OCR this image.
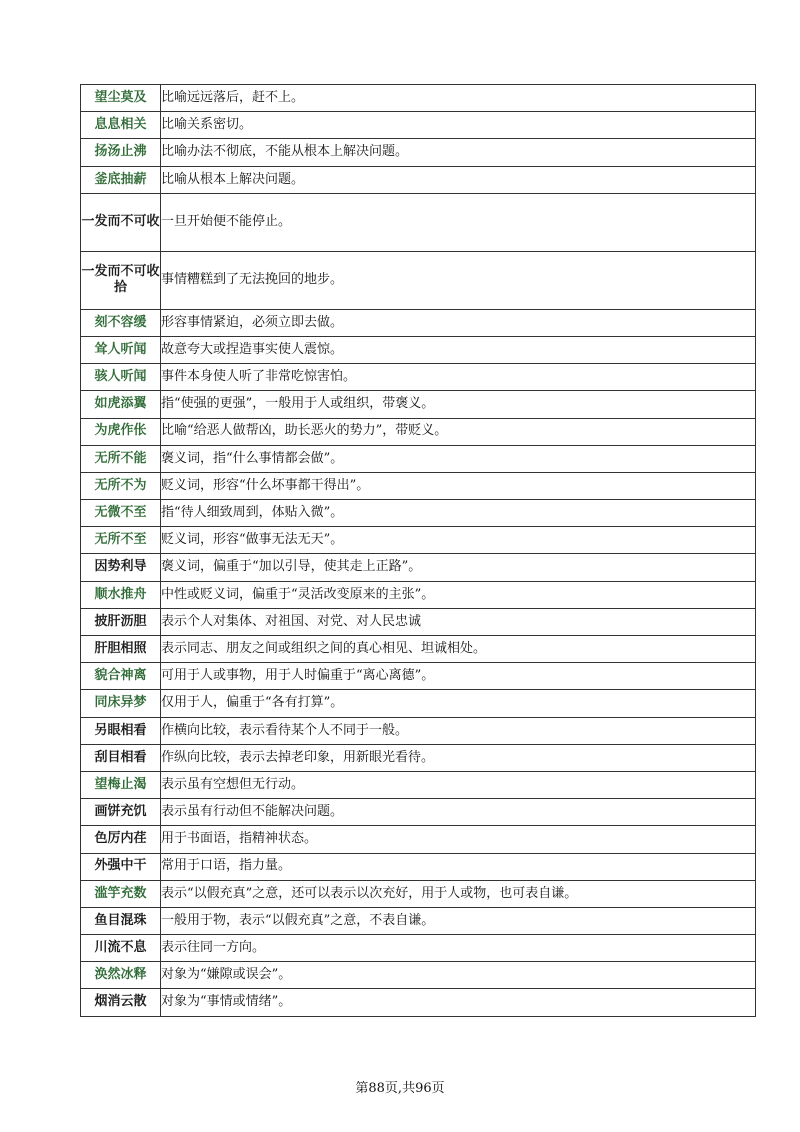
望尘莫及	比喻远远落后，赶不上。
息息相关	比喻关系密切。
扬汤止沸	比喻办法不彻底，不能从根本上解决问题。
釜底抽薪	比喻从根本上解决问题。
一发而不可收	一旦开始便不能停止。
一发而不可收拾	事情糟糕到了无法挽回的地步。
刻不容缓	形容事情紧迫，必须立即去做。
耸人听闻	故意夸大或捏造事实使人震惊。
骇人听闻	事件本身使人听了非常吃惊害怕。
如虎添翼	指“使强的更强”，一般用于人或组织，带褒义。
为虎作伥	比喻“给恶人做帮凶，助长恶火的势力”，带贬义。
无所不能	褒义词，指“什么事情都会做”。
无所不为	贬义词，形容“什么坏事都干得出”。
无微不至	指“待人细致周到，体贴入微”。
无所不至	贬义词，形容“做事无法无天”。
因势利导	褒义词，偏重于“加以引导，使其走上正路”。
顺水推舟	中性或贬义词，偏重于“灵活改变原来的主张”。
披肝沥胆	表示个人对集体、对祖国、对党、对人民忠诚
肝胆相照	表示同志、朋友之间或组织之间的真心相见、坦诚相处。
貌合神离	可用于人或事物，用于人时偏重于“离心离德”。
同床异梦	仅用于人，偏重于“各有打算”。
另眼相看	作横向比较，表示看待某个人不同于一般。
刮目相看	作纵向比较，表示去掉老印象，用新眼光看待。
望梅止渴	表示虽有空想但无行动。
画饼充饥	表示虽有行动但不能解决问题。
色厉内荏	用于书面语，指精神状态。
外强中干	常用于口语，指力量。
滥竽充数	表示“以假充真”之意，还可以表示以次充好，用于人或物，也可表自谦。
鱼目混珠	一般用于物，表示“以假充真”之意，不表自谦。
川流不息	表示往同一方向。
涣然冰释	对象为“嫌隙或误会”。
烟消云散	对象为“事情或情绪”。
第88页,共96页
